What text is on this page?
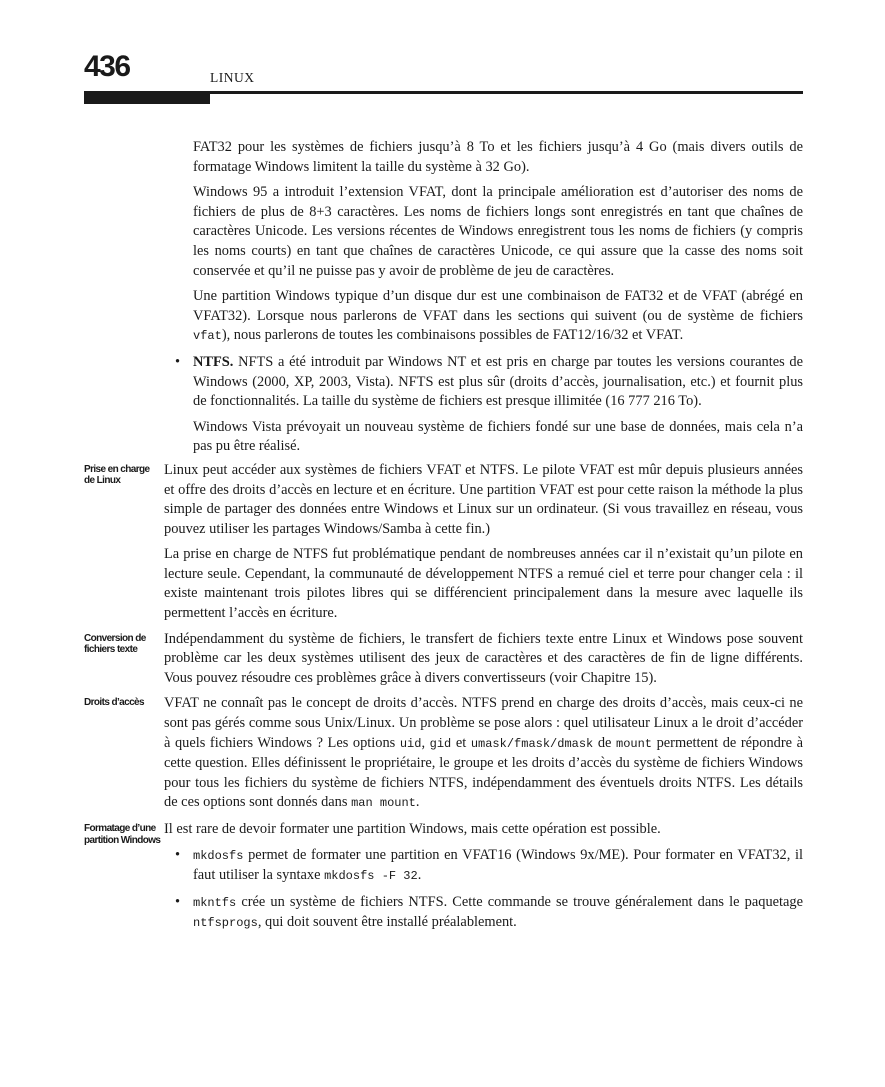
436	LINUX

FAT32 pour les systèmes de fichiers jusqu’à 8 To et les fichiers jusqu’à 4 Go (mais divers outils de formatage Windows limitent la taille du système à 32 Go).

Windows 95 a introduit l’extension VFAT, dont la principale amélioration est d’autoriser des noms de fichiers de plus de 8+3 caractères. Les noms de fichiers longs sont enregistrés en tant que chaînes de caractères Unicode. Les versions récentes de Windows enregistrent tous les noms de fichiers (y compris les noms courts) en tant que chaînes de caractères Unicode, ce qui assure que la casse des noms soit conservée et qu’il ne puisse pas y avoir de problème de jeu de caractères.

Une partition Windows typique d’un disque dur est une combinaison de FAT32 et de VFAT (abrégé en VFAT32). Lorsque nous parlerons de VFAT dans les sections qui suivent (ou de système de fichiers vfat), nous parlerons de toutes les combinaisons possibles de FAT12/16/32 et VFAT.

• NTFS. NFTS a été introduit par Windows NT et est pris en charge par toutes les versions courantes de Windows (2000, XP, 2003, Vista). NFTS est plus sûr (droits d’accès, journalisation, etc.) et fournit plus de fonctionnalités. La taille du système de fichiers est presque illimitée (16 777 216 To).

Windows Vista prévoyait un nouveau système de fichiers fondé sur une base de données, mais cela n’a pas pu être réalisé.

Prise en charge de Linux

Linux peut accéder aux systèmes de fichiers VFAT et NTFS. Le pilote VFAT est mûr depuis plusieurs années et offre des droits d’accès en lecture et en écriture. Une partition VFAT est pour cette raison la méthode la plus simple de partager des données entre Windows et Linux sur un ordinateur. (Si vous travaillez en réseau, vous pouvez utiliser les partages Windows/Samba à cette fin.)

La prise en charge de NTFS fut problématique pendant de nombreuses années car il n’existait qu’un pilote en lecture seule. Cependant, la communauté de développement NTFS a remué ciel et terre pour changer cela : il existe maintenant trois pilotes libres qui se différencient principalement dans la mesure avec laquelle ils permettent l’accès en écriture.

Conversion de fichiers texte

Indépendamment du système de fichiers, le transfert de fichiers texte entre Linux et Windows pose souvent problème car les deux systèmes utilisent des jeux de caractères et des caractères de fin de ligne différents. Vous pouvez résoudre ces problèmes grâce à divers convertisseurs (voir Chapitre 15).

Droits d’accès	VFAT ne connaît pas le concept de droits d’accès. NTFS prend en charge des droits d’accès, mais ceux-ci ne sont pas gérés comme sous Unix/Linux. Un problème se pose alors : quel utilisateur Linux a le droit d’accéder à quels fichiers Windows ? Les options uid, gid et umask/fmask/dmask de mount permettent de répondre à cette question. Elles définissent le propriétaire, le groupe et les droits d’accès du système de fichiers Windows pour tous les fichiers du système de fichiers NTFS, indépendamment des éventuels droits NTFS. Les détails de ces options sont donnés dans man mount.

Formatage d’une partition Windows

Il est rare de devoir formater une partition Windows, mais cette opération est possible.

• mkdosfs permet de formater une partition en VFAT16 (Windows 9x/ME). Pour formater en VFAT32, il faut utiliser la syntaxe mkdosfs -F 32.

• mkntfs crée un système de fichiers NTFS. Cette commande se trouve généralement dans le paquetage ntfsprogs, qui doit souvent être installé préalablement.
